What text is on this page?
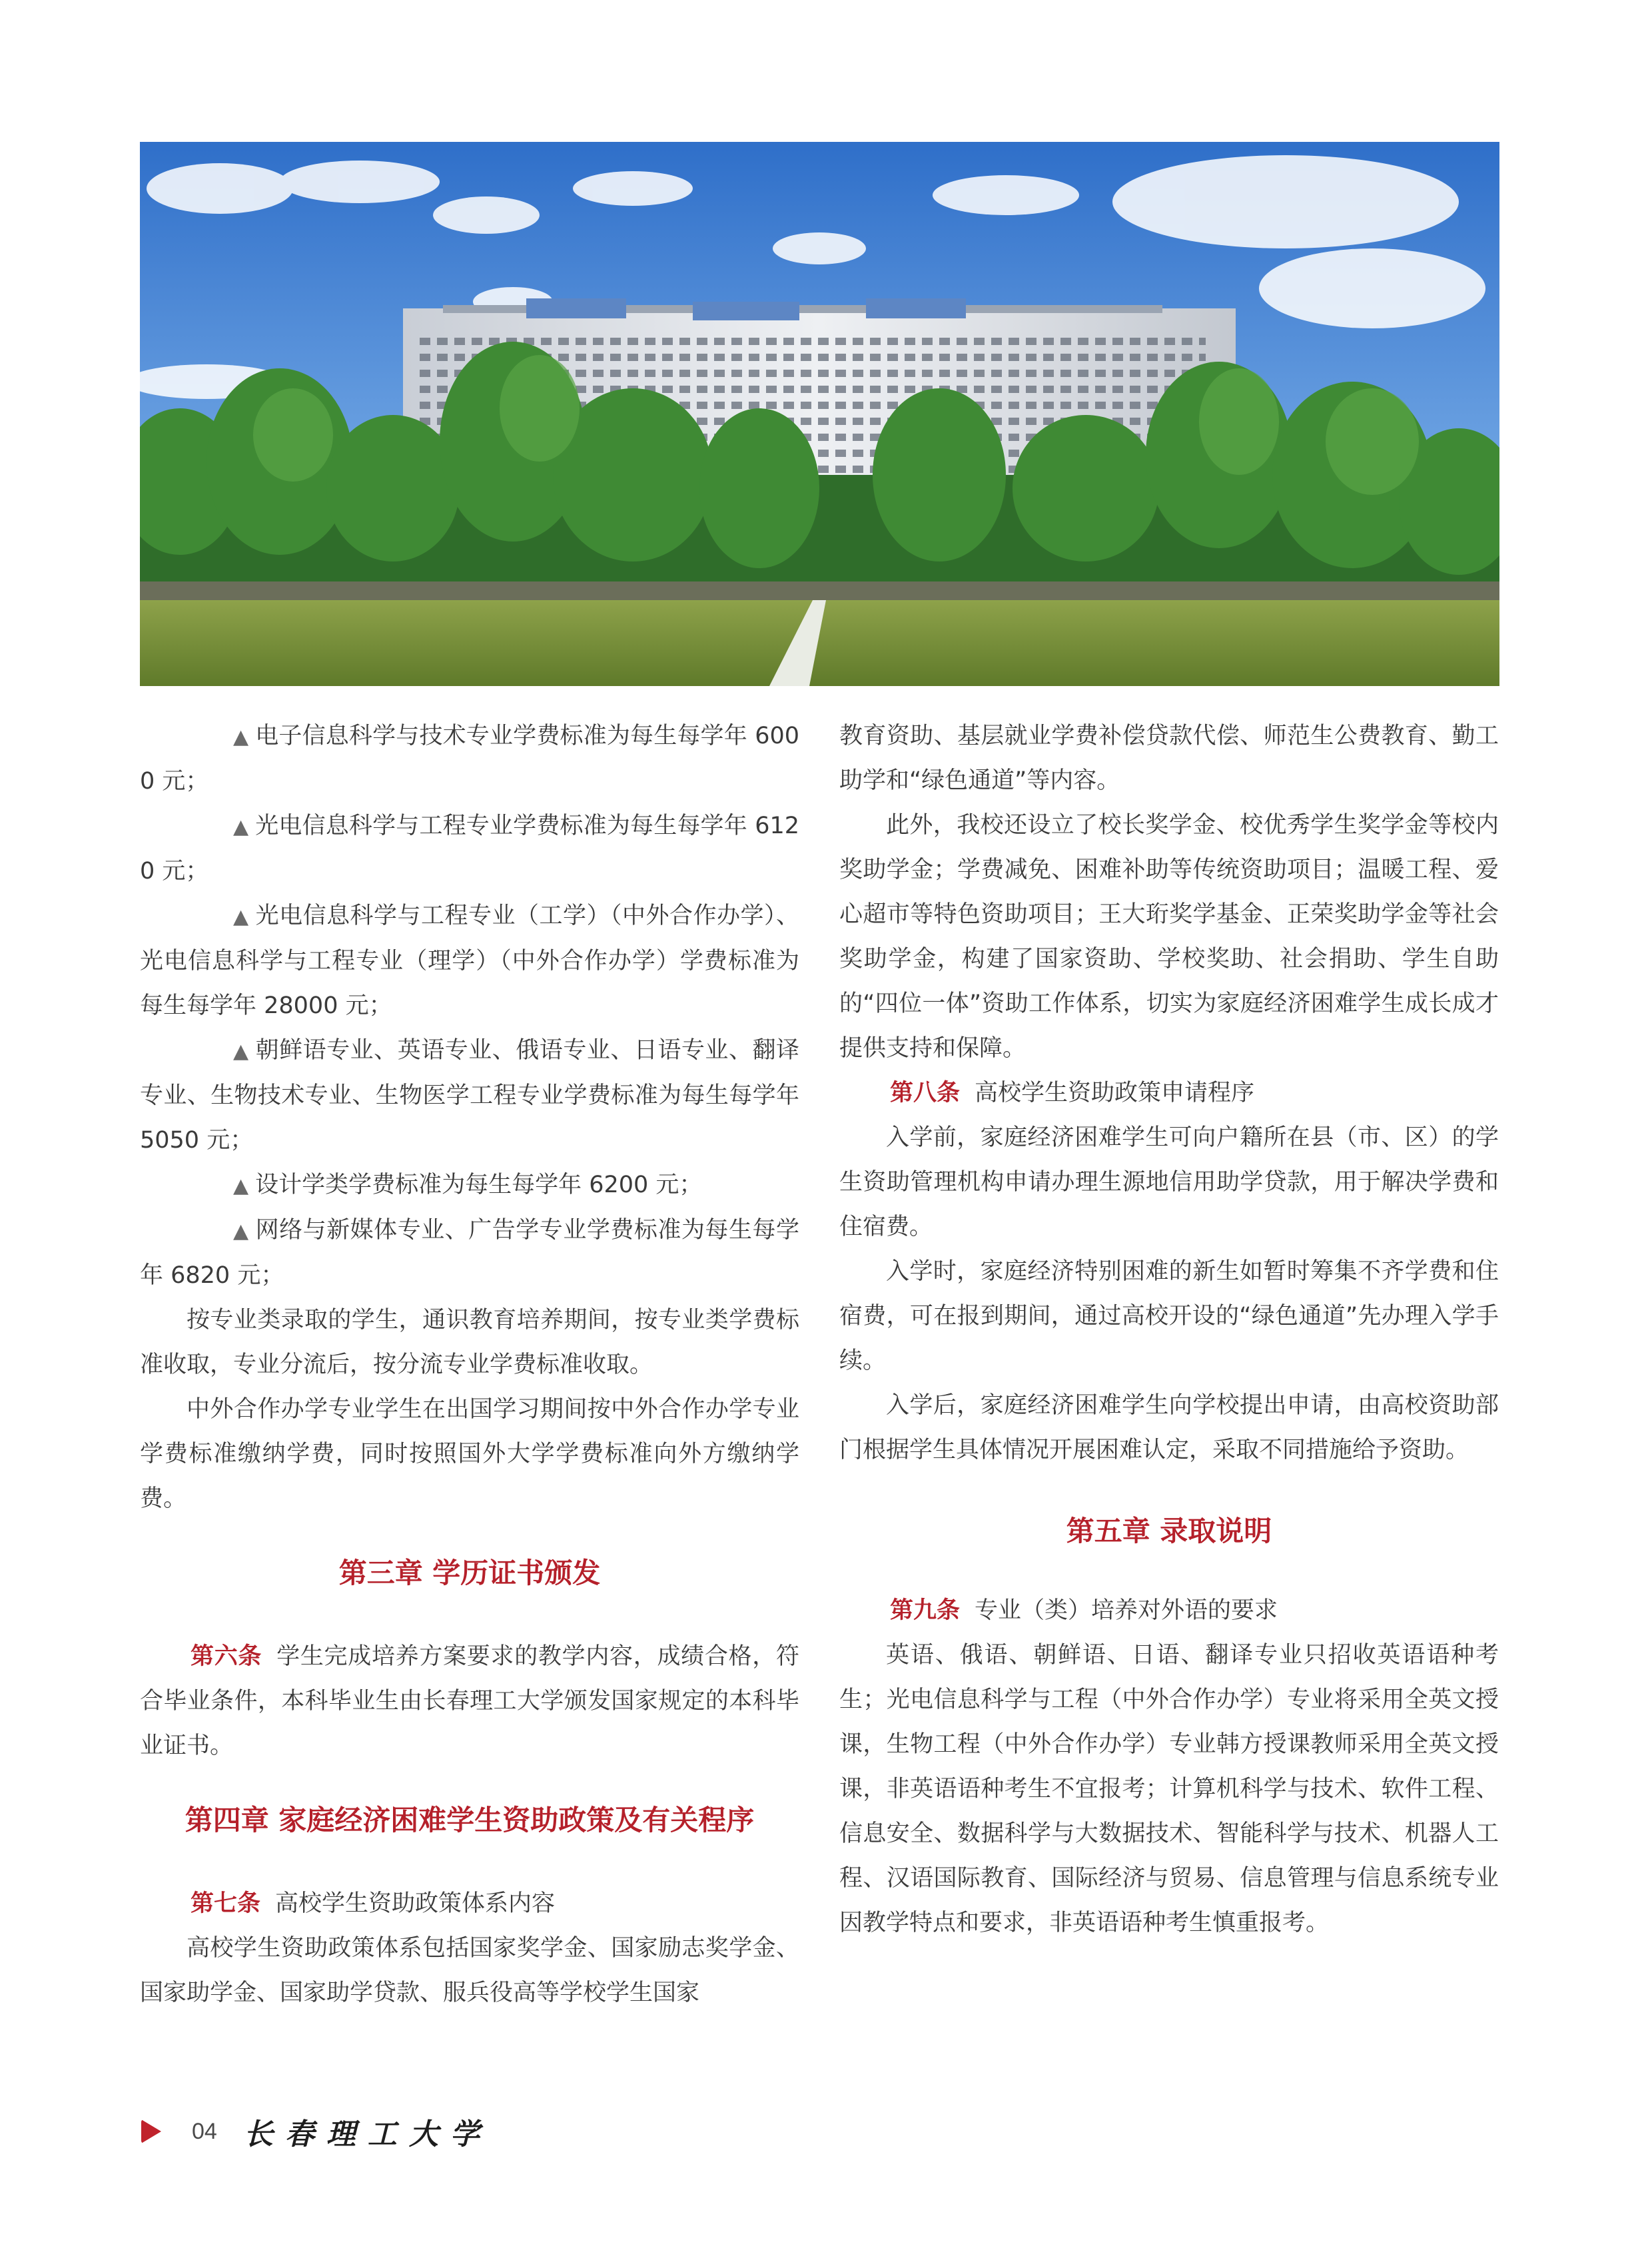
▲ 电子信息科学与技术专业学费标准为每生每学年 6000 元；

▲ 光电信息科学与工程专业学费标准为每生每学年 6120 元；

▲ 光电信息科学与工程专业（工学）（中外合作办学）、光电信息科学与工程专业（理学）（中外合作办学）学费标准为每生每学年 28000 元；

▲ 朝鲜语专业、英语专业、俄语专业、日语专业、翻译专业、生物技术专业、生物医学工程专业学费标准为每生每学年 5050 元；

▲ 设计学类学费标准为每生每学年 6200 元；

▲ 网络与新媒体专业、广告学专业学费标准为每生每学年 6820 元；

按专业类录取的学生，通识教育培养期间，按专业类学费标准收取，专业分流后，按分流专业学费标准收取。

中外合作办学专业学生在出国学习期间按中外合作办学专业学费标准缴纳学费，同时按照国外大学学费标准向外方缴纳学费。

第三章 学历证书颁发

第六条 学生完成培养方案要求的教学内容，成绩合格，符合毕业条件，本科毕业生由长春理工大学颁发国家规定的本科毕业证书。

第四章 家庭经济困难学生资助政策及有关程序

第七条 高校学生资助政策体系内容

高校学生资助政策体系包括国家奖学金、国家励志奖学金、国家助学金、国家助学贷款、服兵役高等学校学生国家

教育资助、基层就业学费补偿贷款代偿、师范生公费教育、勤工助学和“绿色通道”等内容。

此外，我校还设立了校长奖学金、校优秀学生奖学金等校内奖助学金；学费减免、困难补助等传统资助项目；温暖工程、爱心超市等特色资助项目；王大珩奖学基金、正荣奖助学金等社会奖助学金，构建了国家资助、学校奖助、社会捐助、学生自助的“四位一体”资助工作体系，切实为家庭经济困难学生成长成才提供支持和保障。

第八条 高校学生资助政策申请程序

入学前，家庭经济困难学生可向户籍所在县（市、区）的学生资助管理机构申请办理生源地信用助学贷款，用于解决学费和住宿费。

入学时，家庭经济特别困难的新生如暂时筹集不齐学费和住宿费，可在报到期间，通过高校开设的“绿色通道”先办理入学手续。

入学后，家庭经济困难学生向学校提出申请，由高校资助部门根据学生具体情况开展困难认定，采取不同措施给予资助。

第五章 录取说明

第九条 专业（类）培养对外语的要求

英语、俄语、朝鲜语、日语、翻译专业只招收英语语种考生；光电信息科学与工程（中外合作办学）专业将采用全英文授课，生物工程（中外合作办学）专业韩方授课教师采用全英文授课，非英语语种考生不宜报考；计算机科学与技术、软件工程、信息安全、数据科学与大数据技术、智能科学与技术、机器人工程、汉语国际教育、国际经济与贸易、信息管理与信息系统专业因教学特点和要求，非英语语种考生慎重报考。

04 长春理工大学
